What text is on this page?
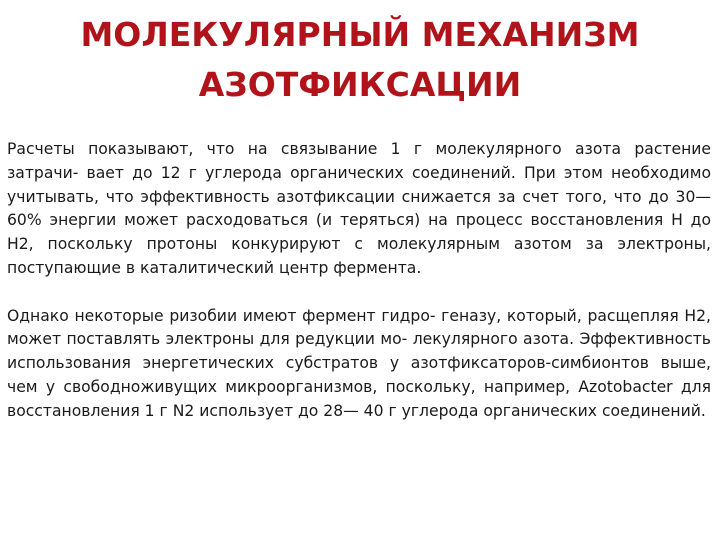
МОЛЕКУЛЯРНЫЙ МЕХАНИЗМ АЗОТФИКСАЦИИ

Расчеты показывают, что на связывание 1 г молекулярного азота растение затрачи- вает до 12 г углерода органических соединений. При этом необходимо учитывать, что эффективность азотфиксации снижается за счет того, что до 30—60% энергии может расходоваться (и теряться) на процесс восстановления H до H2, поскольку протоны конкурируют с молекулярным азотом за электроны, поступающие в каталитический центр фермента.

Однако некоторые ризобии имеют фермент гидро- геназу, который, расщепляя H2, может поставлять электроны для редукции мо- лекулярного азота. Эффективность использования энергетических субстратов у азотфиксаторов-симбионтов выше, чем у свободноживущих микроорганизмов, поскольку, например, Azotobacter для восстановления 1 г N2 использует до 28— 40 г углерода органических соединений.
